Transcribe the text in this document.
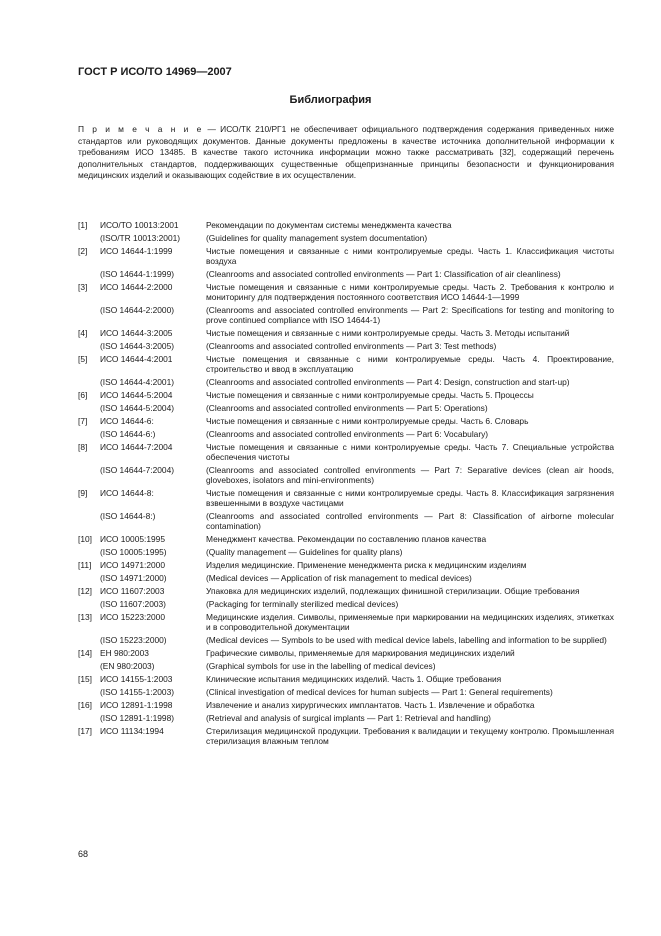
ГОСТ Р ИСО/ТО 14969—2007
Библиография
П р и м е ч а н и е — ИСО/ТК 210/РГ1 не обеспечивает официального подтверждения содержания приведенных ниже стандартов или руководящих документов. Данные документы предложены в качестве источника дополнительной информации к требованиям ИСО 13485. В качестве такого источника информации можно также рассматривать [32], содержащий перечень дополнительных стандартов, поддерживающих существенные общепризнанные принципы безопасности и функционирования медицинских изделий и оказывающих содействие в их осуществлении.
[1]	ИСО/ТО 10013:2001	Рекомендации по документам системы менеджмента качества
(ISO/TR 10013:2001)	(Guidelines for quality management system documentation)
[2]	ИСО 14644-1:1999	Чистые помещения и связанные с ними контролируемые среды. Часть 1. Классификация чистоты воздуха
(ISO 14644-1:1999)	(Cleanrooms and associated controlled environments — Part 1: Classification of air cleanliness)
[3]	ИСО 14644-2:2000	Чистые помещения и связанные с ними контролируемые среды. Часть 2. Требования к контролю и мониторингу для подтверждения постоянного соответствия ИСО 14644-1—1999
(ISO 14644-2:2000)	(Cleanrooms and associated controlled environments — Part 2: Specifications for testing and monitoring to prove continued compliance with ISO 14644-1)
[4]	ИСО 14644-3:2005	Чистые помещения и связанные с ними контролируемые среды. Часть 3. Методы испытаний
(ISO 14644-3:2005)	(Cleanrooms and associated controlled environments — Part 3: Test methods)
[5]	ИСО 14644-4:2001	Чистые помещения и связанные с ними контролируемые среды. Часть 4. Проектирование, строительство и ввод в эксплуатацию
(ISO 14644-4:2001)	(Cleanrooms and associated controlled environments — Part 4: Design, construction and start-up)
[6]	ИСО 14644-5:2004	Чистые помещения и связанные с ними контролируемые среды. Часть 5. Процессы
(ISO 14644-5:2004)	(Cleanrooms and associated controlled environments — Part 5: Operations)
[7]	ИСО 14644-6:	Чистые помещения и связанные с ними контролируемые среды. Часть 6. Словарь
(ISO 14644-6:)	(Cleanrooms and associated controlled environments — Part 6: Vocabulary)
[8]	ИСО 14644-7:2004	Чистые помещения и связанные с ними контролируемые среды. Часть 7. Специальные устройства обеспечения чистоты
(ISO 14644-7:2004)	(Cleanrooms and associated controlled environments — Part 7: Separative devices (clean air hoods, gloveboxes, isolators and mini-environments)
[9]	ИСО 14644-8:	Чистые помещения и связанные с ними контролируемые среды. Часть 8. Классификация загрязнения взвешенными в воздухе частицами
(ISO 14644-8:)	(Cleanrooms and associated controlled environments — Part 8: Classification of airborne molecular contamination)
[10] ИСО 10005:1995	Менеджмент качества. Рекомендации по составлению планов качества
(ISO 10005:1995)	(Quality management — Guidelines for quality plans)
[11]	ИСО 14971:2000	Изделия медицинские. Применение менеджмента риска к медицинским изделиям
(ISO 14971:2000)	(Medical devices — Application of risk management to medical devices)
[12] ИСО 11607:2003	Упаковка для медицинских изделий, подлежащих финишной стерилизации. Общие требования
(ISO 11607:2003)	(Packaging for terminally sterilized medical devices)
[13] ИСО 15223:2000	Медицинские изделия. Символы, применяемые при маркировании на медицинских изделиях, этикетках и в сопроводительной документации
(ISO 15223:2000)	(Medical devices — Symbols to be used with medical device labels, labelling and information to be supplied)
[14] EH 980:2003	Графические символы, применяемые для маркирования медицинских изделий
(EN 980:2003)	(Graphical symbols for use in the labelling of medical devices)
[15] ИСО 14155-1:2003	Клинические испытания медицинских изделий. Часть 1. Общие требования
(ISO 14155-1:2003)	(Clinical investigation of medical devices for human subjects — Part 1: General requirements)
[16] ИСО 12891-1:1998	Извлечение и анализ хирургических имплантатов. Часть 1. Извлечение и обработка
(ISO 12891-1:1998)	(Retrieval and analysis of surgical implants — Part 1: Retrieval and handling)
[17] ИСО 11134:1994	Стерилизация медицинской продукции. Требования к валидации и текущему контролю. Промышленная стерилизация влажным теплом
68
